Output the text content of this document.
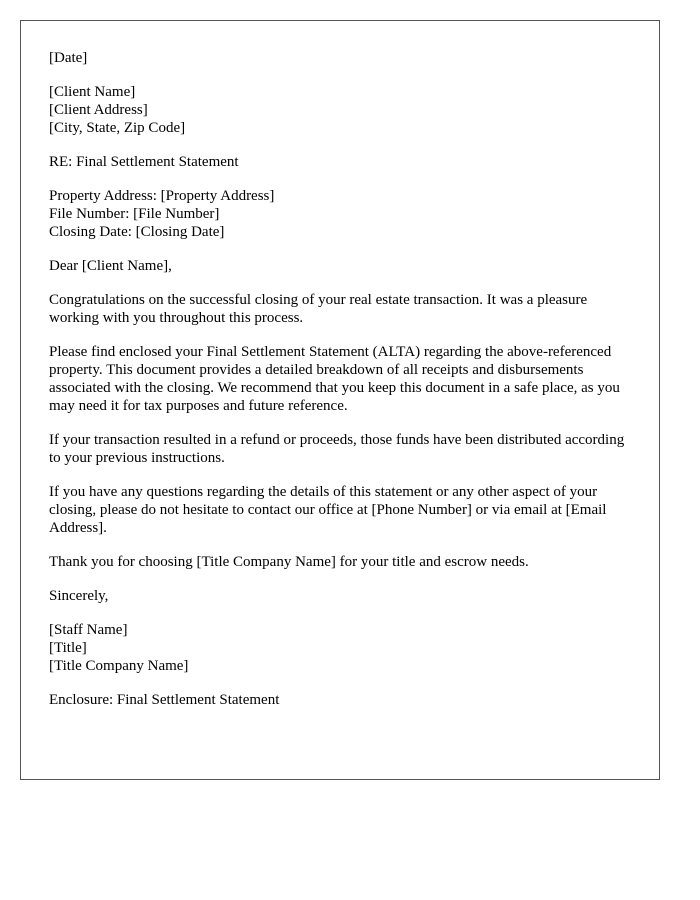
[Date]
[Client Name]
[Client Address]
[City, State, Zip Code]
RE: Final Settlement Statement
Property Address: [Property Address]
File Number: [File Number]
Closing Date: [Closing Date]
Dear [Client Name],

Congratulations on the successful closing of your real estate transaction. It was a pleasure working with you throughout this process.

Please find enclosed your Final Settlement Statement (ALTA) regarding the above-referenced property. This document provides a detailed breakdown of all receipts and disbursements associated with the closing. We recommend that you keep this document in a safe place, as you may need it for tax purposes and future reference.

If your transaction resulted in a refund or proceeds, those funds have been distributed according to your previous instructions.

If you have any questions regarding the details of this statement or any other aspect of your closing, please do not hesitate to contact our office at [Phone Number] or via email at [Email Address].

Thank you for choosing [Title Company Name] for your title and escrow needs.

Sincerely,
[Staff Name]
[Title]
[Title Company Name]
Enclosure: Final Settlement Statement
